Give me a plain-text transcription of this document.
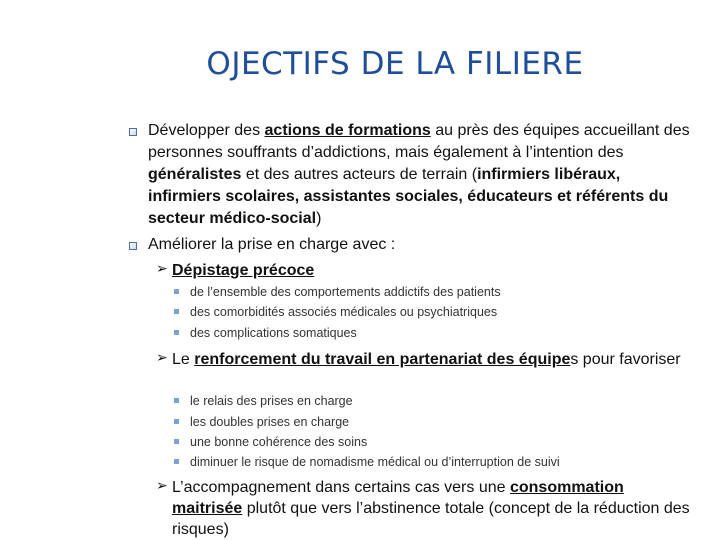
OJECTIFS DE LA FILIERE
Développer des actions de formations au près des équipes accueillant des personnes souffrants d’addictions, mais également à l’intention des généralistes et des autres acteurs de terrain (infirmiers libéraux, infirmiers scolaires, assistantes sociales, éducateurs et référents du secteur médico-social)
Améliorer la prise en charge avec :
➢ Dépistage précoce
de l’ensemble des comportements addictifs des patients
des comorbidités associés médicales ou psychiatriques
des complications somatiques
➢ Le renforcement du travail en partenariat des équipes pour favoriser
le relais des prises en charge
les doubles prises en charge
une bonne cohérence des soins
diminuer le risque de nomadisme médical ou d’interruption de suivi
➢ L’accompagnement dans certains cas vers une consommation maitrisée plutôt que vers l’abstinence totale (concept de la réduction des risques)
